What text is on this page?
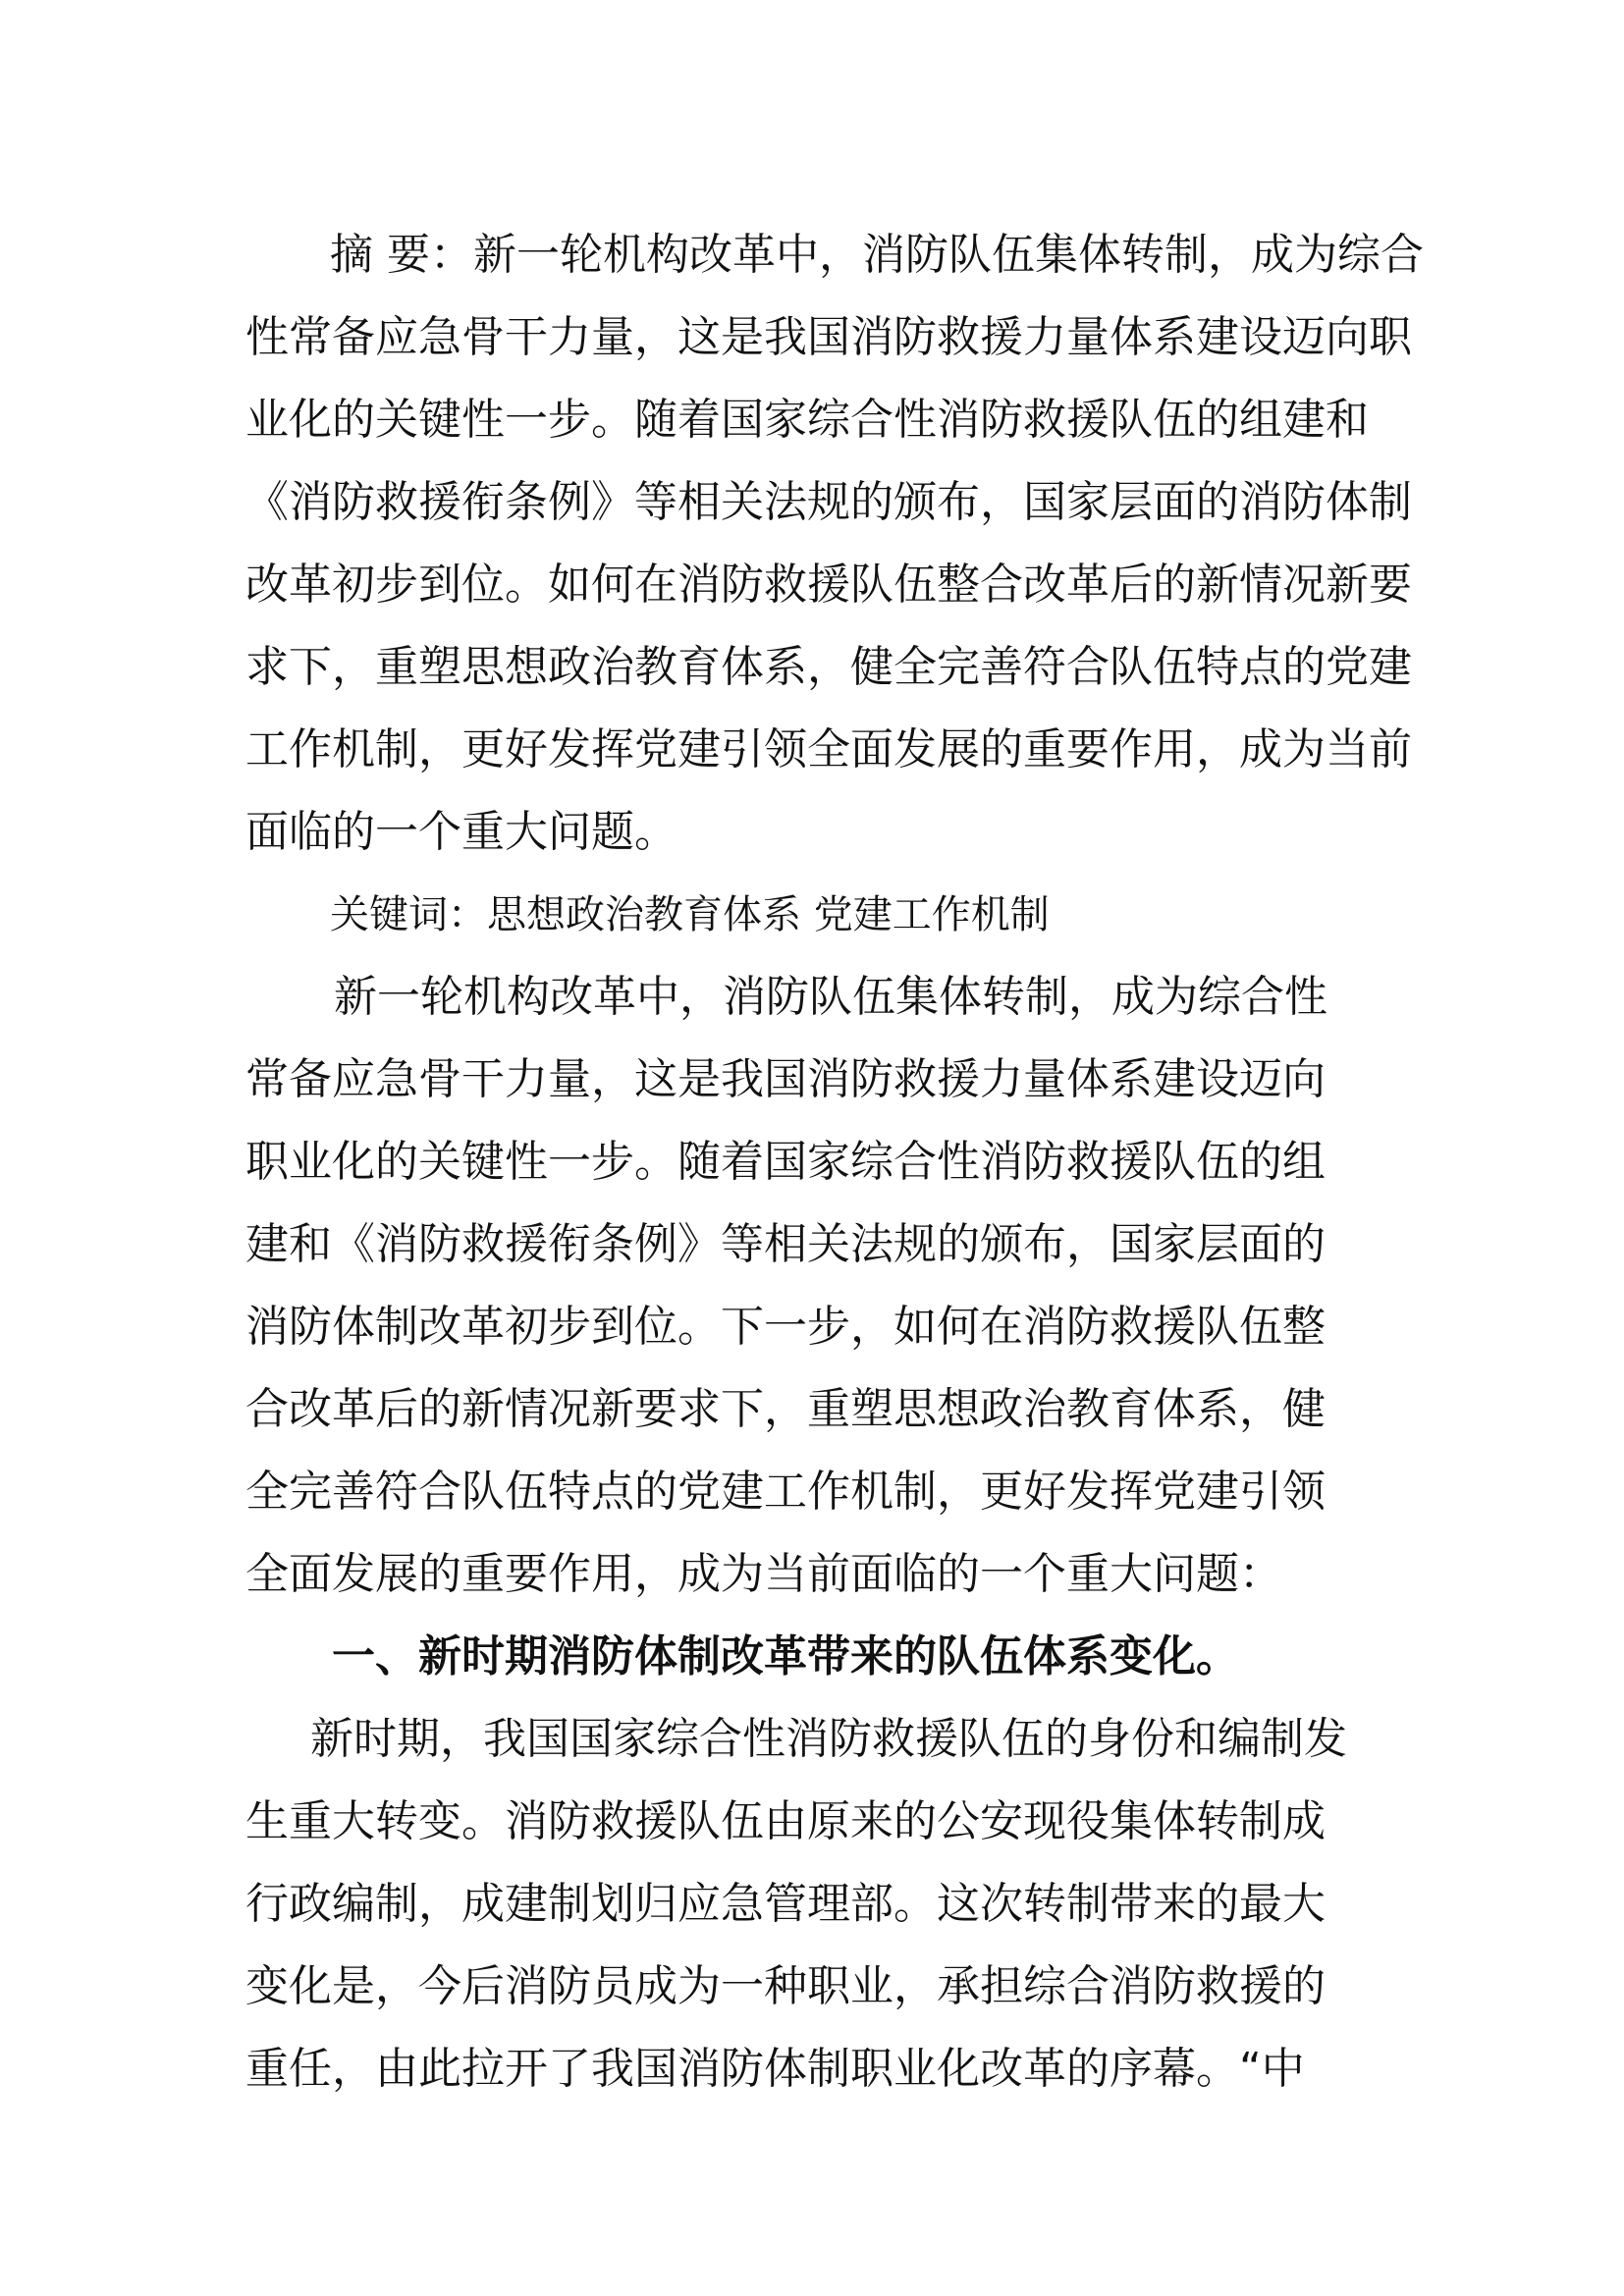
摘 要：新一轮机构改革中，消防队伍集体转制，成为综合
性常备应急骨干力量，这是我国消防救援力量体系建设迈向职
业化的关键性一步。随着国家综合性消防救援队伍的组建和
《消防救援衔条例》等相关法规的颁布，国家层面的消防体制
改革初步到位。如何在消防救援队伍整合改革后的新情况新要
求下，重塑思想政治教育体系，健全完善符合队伍特点的党建
工作机制，更好发挥党建引领全面发展的重要作用，成为当前
面临的一个重大问题。
关键词：思想政治教育体系 党建工作机制
新一轮机构改革中，消防队伍集体转制，成为综合性
常备应急骨干力量，这是我国消防救援力量体系建设迈向
职业化的关键性一步。随着国家综合性消防救援队伍的组
建和《消防救援衔条例》等相关法规的颁布，国家层面的
消防体制改革初步到位。下一步，如何在消防救援队伍整
合改革后的新情况新要求下，重塑思想政治教育体系，健
全完善符合队伍特点的党建工作机制，更好发挥党建引领
全面发展的重要作用，成为当前面临的一个重大问题：
一、新时期消防体制改革带来的队伍体系变化。
新时期，我国国家综合性消防救援队伍的身份和编制发
生重大转变。消防救援队伍由原来的公安现役集体转制成
行政编制，成建制划归应急管理部。这次转制带来的最大
变化是，今后消防员成为一种职业，承担综合消防救援的
重任，由此拉开了我国消防体制职业化改革的序幕。“中
